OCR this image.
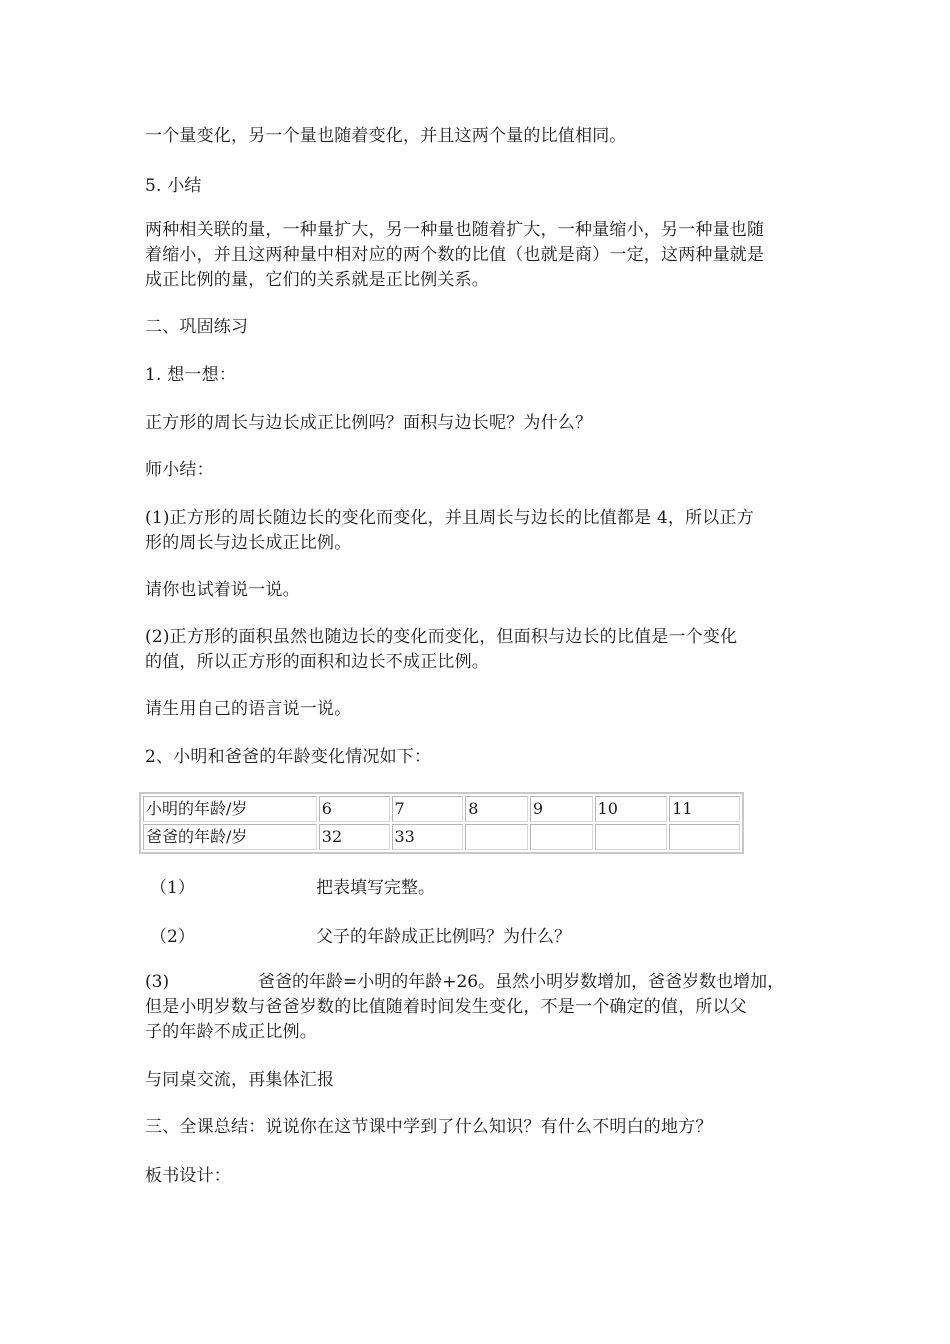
一个量变化，另一个量也随着变化，并且这两个量的比值相同。

5. 小结

两种相关联的量，一种量扩大，另一种量也随着扩大，一种量缩小，另一种量也随
着缩小，并且这两种量中相对应的两个数的比值（也就是商）一定，这两种量就是
成正比例的量，它们的关系就是正比例关系。

二、巩固练习

1. 想一想：

正方形的周长与边长成正比例吗？面积与边长呢？为什么？

师小结：

(1)正方形的周长随边长的变化而变化，并且周长与边长的比值都是 4，所以正方
形的周长与边长成正比例。

请你也试着说一说。

(2)正方形的面积虽然也随边长的变化而变化，但面积与边长的比值是一个变化
的值，所以正方形的面积和边长不成正比例。

请生用自己的语言说一说。

2、小明和爸爸的年龄变化情况如下：

小明的年龄/岁	6	7	8	9	10	11
爸爸的年龄/岁	32	33				
（1）	把表填写完整。
（2）	父子的年龄成正比例吗？为什么？
(3)	爸爸的年龄=小明的年龄+26。虽然小明岁数增加，爸爸岁数也增加，
但是小明岁数与爸爸岁数的比值随着时间发生变化，不是一个确定的值，所以父
子的年龄不成正比例。

与同桌交流，再集体汇报

三、全课总结：说说你在这节课中学到了什么知识？有什么不明白的地方？

板书设计：
